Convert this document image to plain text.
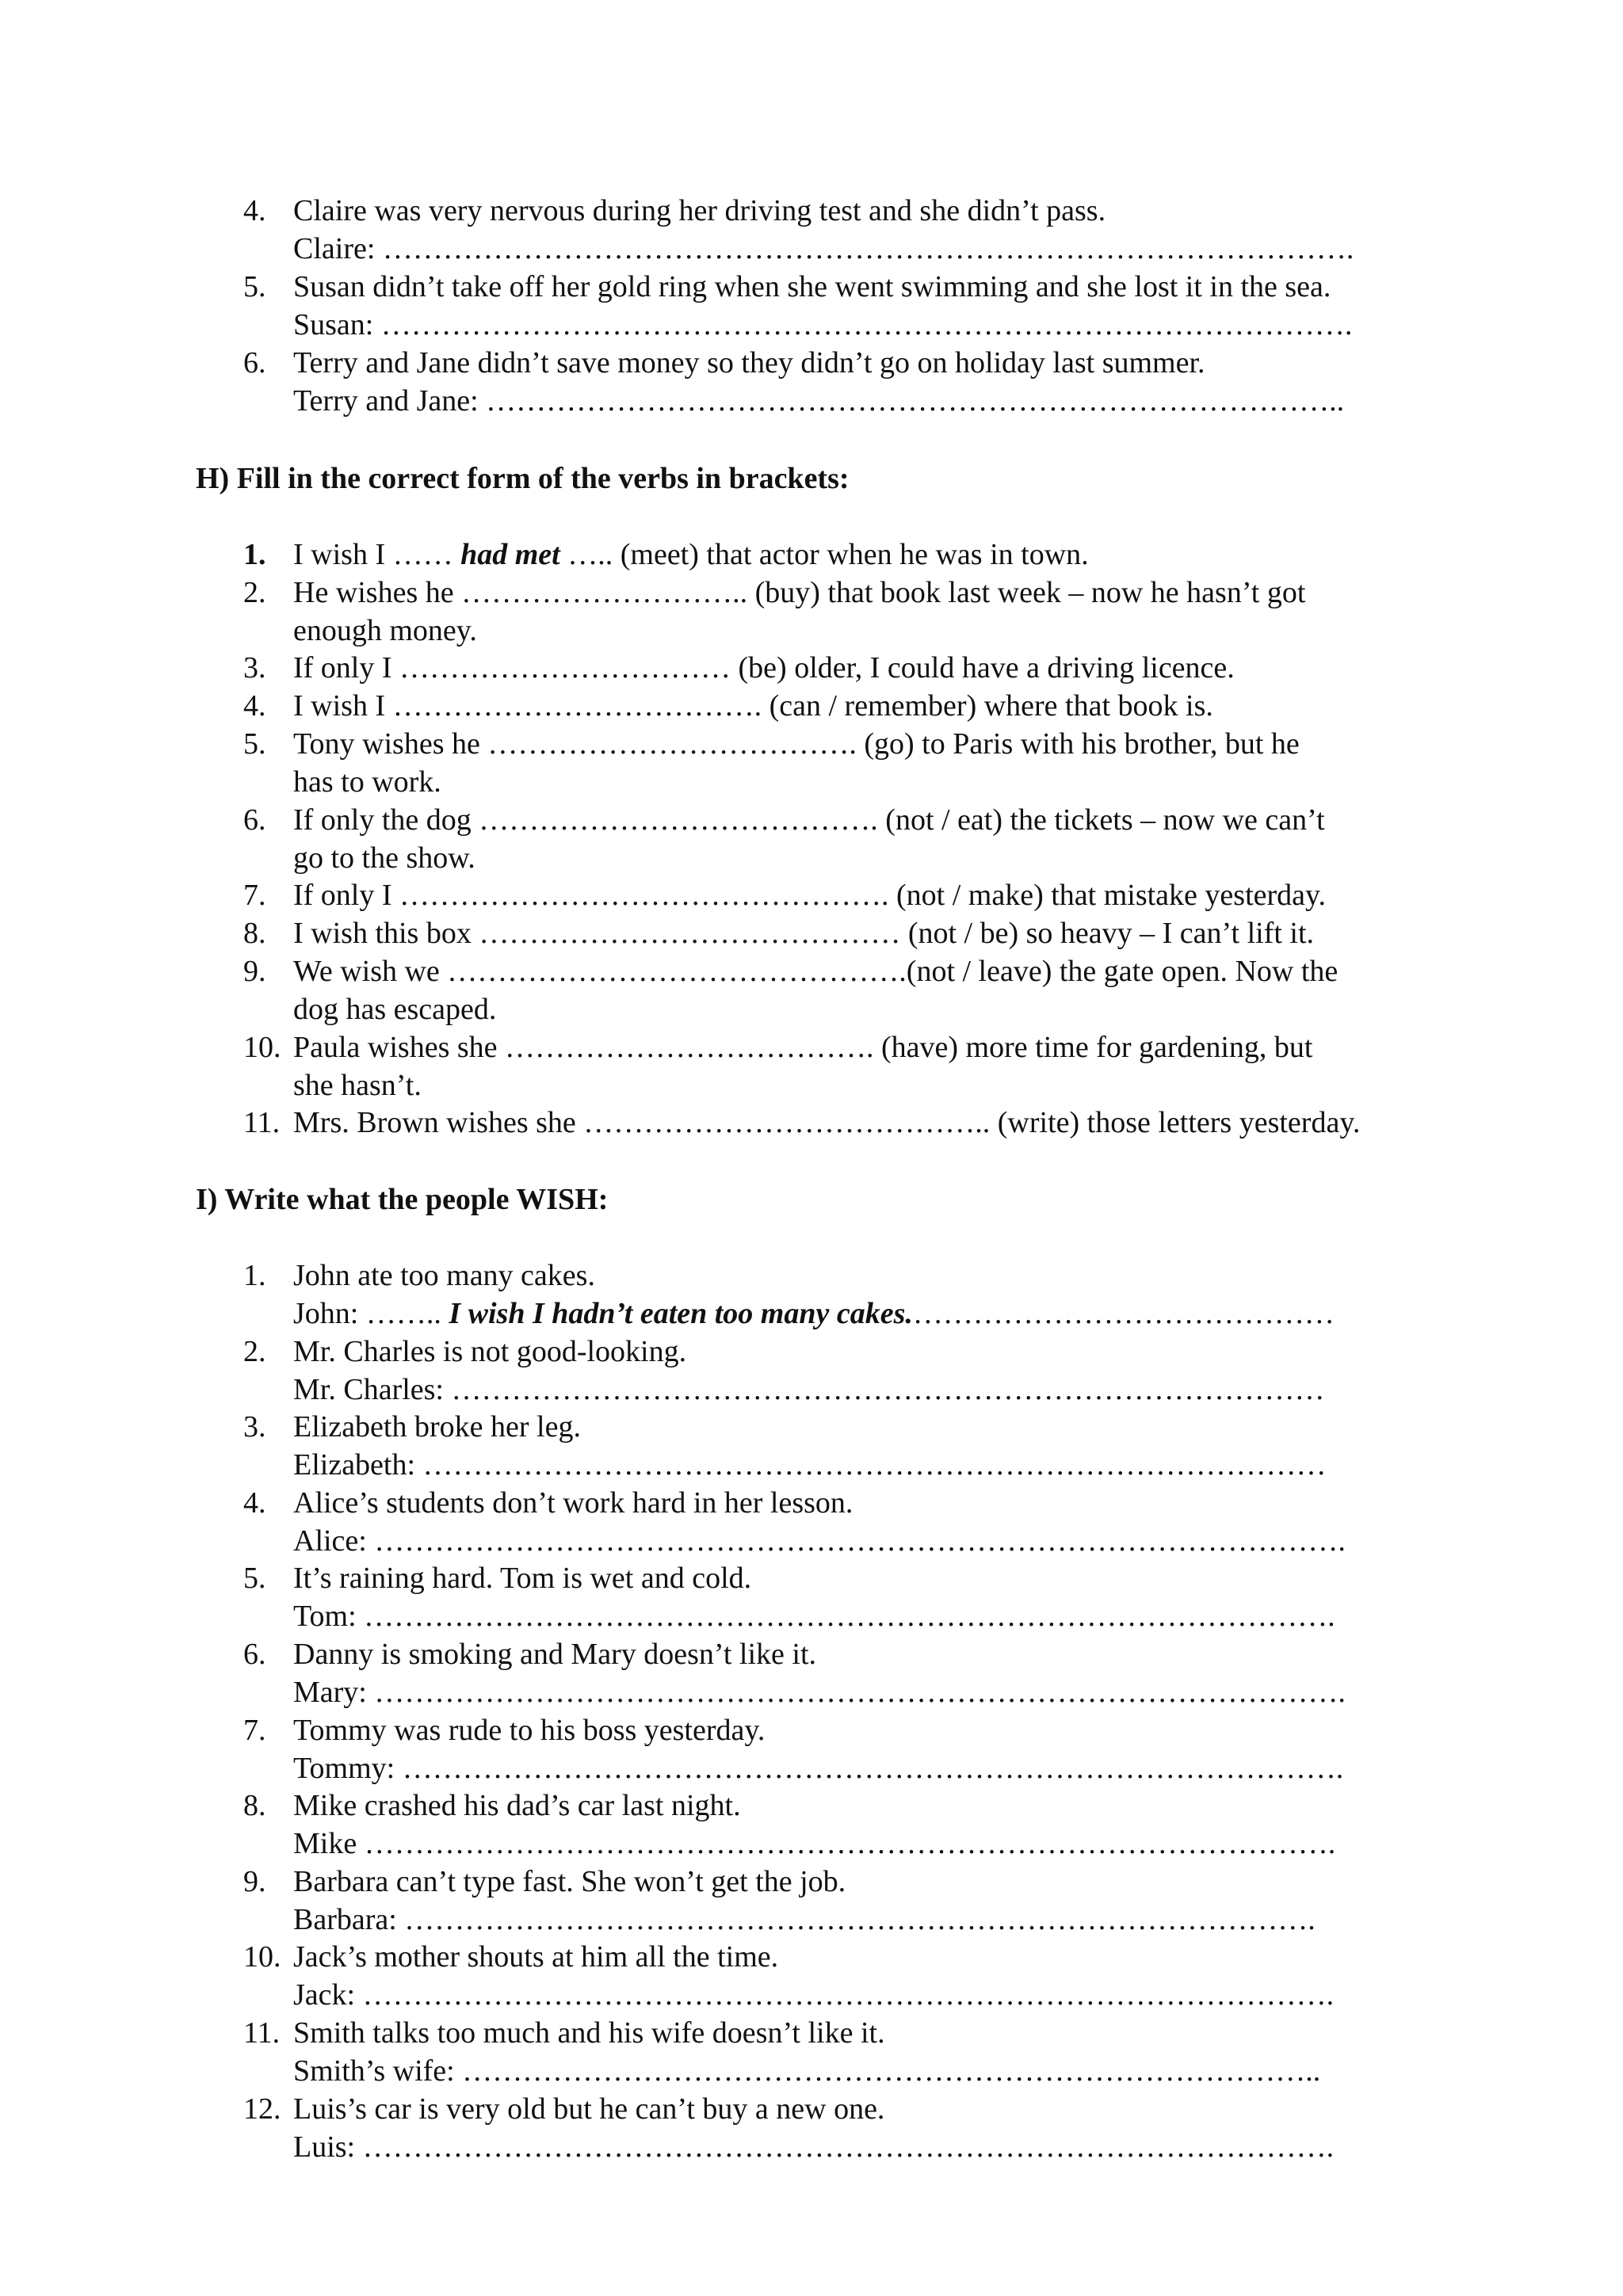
4. Claire was very nervous during her driving test and she didn’t pass.
Claire: …………………………………………………………………………………….
5. Susan didn’t take off her gold ring when she went swimming and she lost it in the sea.
Susan: …………………………………………………………………………………….
6. Terry and Jane didn’t save money so they didn’t go on holiday last summer.
Terry and Jane: …………………………………………………………………………..
H) Fill in the correct form of the verbs in brackets:
1. I wish I …… had met ….. (meet) that actor when he was in town.
2. He wishes he ……………………….. (buy) that book last week – now he hasn’t got
enough money.
3. If only I …………………………… (be) older, I could have a driving licence.
4. I wish I ………………………………. (can / remember) where that book is.
5. Tony wishes he ………………………………. (go) to Paris with his brother, but he
has to work.
6. If only the dog …………………………………. (not / eat) the tickets – now we can’t
go to the show.
7. If only I …………………………………………. (not / make) that mistake yesterday.
8. I wish this box …………………………………… (not / be) so heavy – I can’t lift it.
9. We wish we ……………………………………….(not / leave) the gate open. Now the
dog has escaped.
10. Paula wishes she ………………………………. (have) more time for gardening, but
she hasn’t.
11. Mrs. Brown wishes she ………………………………….. (write) those letters yesterday.
I) Write what the people WISH:
1. John ate too many cakes.
John: …….. I wish I hadn’t eaten too many cakes.……………………………………
2. Mr. Charles is not good-looking.
Mr. Charles: ……………………………………………………………………………
3. Elizabeth broke her leg.
Elizabeth: ………………………………………………………………………………
4. Alice’s students don’t work hard in her lesson.
Alice: …………………………………………………………………………………….
5. It’s raining hard. Tom is wet and cold.
Tom: …………………………………………………………………………………….
6. Danny is smoking and Mary doesn’t like it.
Mary: …………………………………………………………………………………….
7. Tommy was rude to his boss yesterday.
Tommy: ………………………………………………………………………………….
8. Mike crashed his dad’s car last night.
Mike …………………………………………………………………………………….
9. Barbara can’t type fast. She won’t get the job.
Barbara: ……………………………………………………………………………….
10. Jack’s mother shouts at him all the time.
Jack: …………………………………………………………………………………….
11. Smith talks too much and his wife doesn’t like it.
Smith’s wife: …………………………………………………………………………..
12. Luis’s car is very old but he can’t buy a new one.
Luis: …………………………………………………………………………………….
